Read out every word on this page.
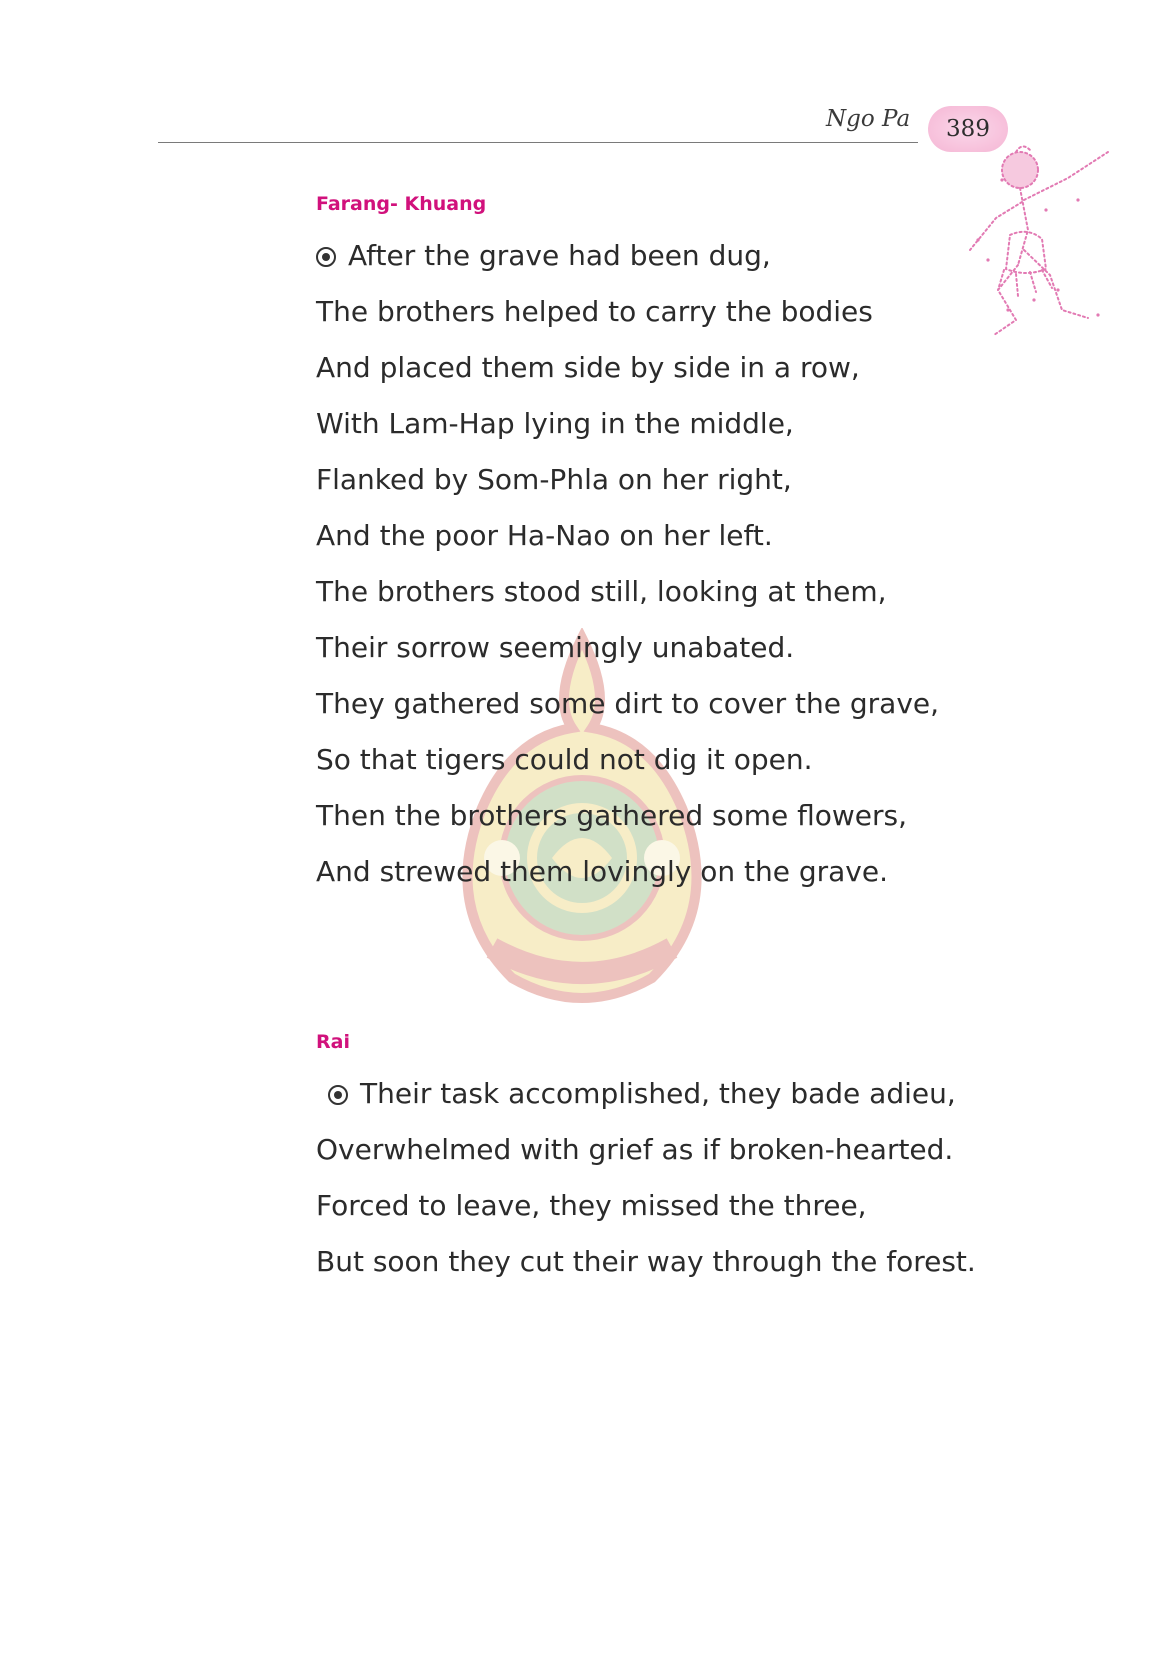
Ngo Pa	389
Farang- Khuang
After the grave had been dug,
The brothers helped to carry the bodies
And placed them side by side in a row,
With Lam-Hap lying in the middle,
Flanked by Som-Phla on her right,
And the poor Ha-Nao on her left.
The brothers stood still, looking at them,
Their sorrow seemingly unabated.
They gathered some dirt to cover the grave,
So that tigers could not dig it open.
Then the brothers gathered some flowers,
And strewed them lovingly on the grave.
Rai
Their task accomplished, they bade adieu,
Overwhelmed with grief as if broken-hearted.
Forced to leave, they missed the three,
But soon they cut their way through the forest.
